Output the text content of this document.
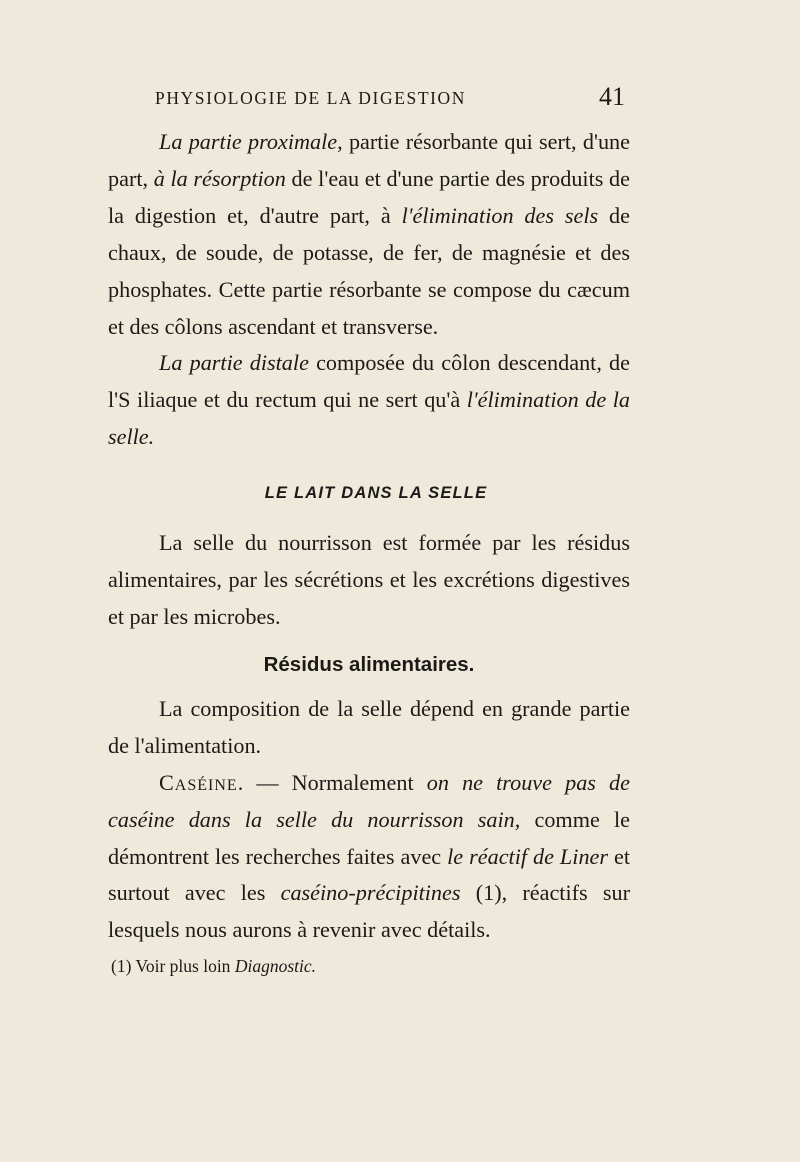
PHYSIOLOGIE DE LA DIGESTION	41

La partie proximale, partie résorbante qui sert, d'une part, à la résorption de l'eau et d'une partie des produits de la digestion et, d'autre part, à l'élimination des sels de chaux, de soude, de potasse, de fer, de magnésie et des phosphates. Cette partie résorbante se compose du cæcum et des côlons ascendant et transverse.

La partie distale composée du côlon descendant, de l'S iliaque et du rectum qui ne sert qu'à l'élimination de la selle.

LE LAIT DANS LA SELLE

La selle du nourrisson est formée par les résidus alimentaires, par les sécrétions et les excrétions digestives et par les microbes.

Résidus alimentaires.

La composition de la selle dépend en grande partie de l'alimentation.

Caséine. — Normalement on ne trouve pas de caséine dans la selle du nourrisson sain, comme le démontrent les recherches faites avec le réactif de Liner et surtout avec les caséino-précipitines (1), réactifs sur lesquels nous aurons à revenir avec détails.

(1) Voir plus loin Diagnostic.
